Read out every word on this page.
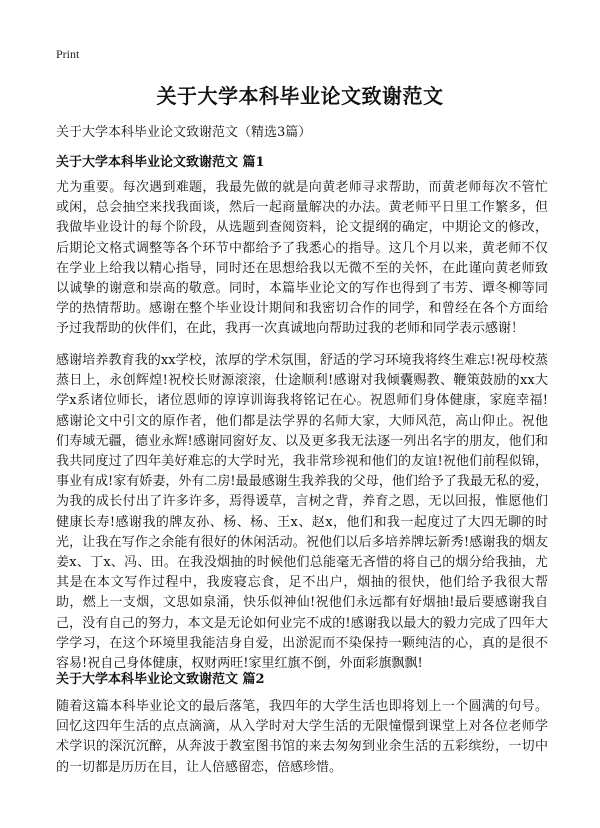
Print
关于大学本科毕业论文致谢范文

关于大学本科毕业论文致谢范文（精选3篇）

关于大学本科毕业论文致谢范文 篇1

尤为重要。每次遇到难题，我最先做的就是向黄老师寻求帮助，而黄老师每次不管忙或闲，总会抽空来找我面谈，然后一起商量解决的办法。黄老师平日里工作繁多，但我做毕业设计的每个阶段，从选题到查阅资料，论文提纲的确定，中期论文的修改，后期论文格式调整等各个环节中都给予了我悉心的指导。这几个月以来，黄老师不仅在学业上给我以精心指导，同时还在思想给我以无微不至的关怀，在此谨向黄老师致以诚挚的谢意和崇高的敬意。同时，本篇毕业论文的写作也得到了韦芳、谭冬柳等同学的热情帮助。感谢在整个毕业设计期间和我密切合作的同学，和曾经在各个方面给予过我帮助的伙伴们，在此，我再一次真诚地向帮助过我的老师和同学表示感谢！

感谢培养教育我的xx学校，浓厚的学术氛围，舒适的学习环境我将终生难忘!祝母校蒸蒸日上，永创辉煌!祝校长财源滚滚，仕途顺利!感谢对我倾囊赐教、鞭策鼓励的xx大学x系诸位师长，诸位恩师的谆谆训诲我将铭记在心。祝恩师们身体健康，家庭幸福!感谢论文中引文的原作者，他们都是法学界的名师大家，大师风范，高山仰止。祝他们寿域无疆，德业永辉!感谢同窗好友、以及更多我无法逐一列出名字的朋友，他们和我共同度过了四年美好难忘的大学时光，我非常珍视和他们的友谊!祝他们前程似锦，事业有成!家有娇妻，外有二房!最最感谢生我养我的父母，他们给予了我最无私的爱，为我的成长付出了许多许多，焉得谖草，言树之背，养育之恩，无以回报，惟愿他们健康长寿!感谢我的牌友孙、杨、杨、王x、赵x，他们和我一起度过了大四无聊的时光，让我在写作之余能有很好的休闲活动。祝他们以后多培养牌坛新秀!感谢我的烟友姜x、丁x、冯、田。在我没烟抽的时候他们总能毫无吝惜的将自己的烟分给我抽，尤其是在本文写作过程中，我废寝忘食，足不出户，烟抽的很快，他们给予我很大帮助，燃上一支烟，文思如泉涌，快乐似神仙!祝他们永远都有好烟抽!最后要感谢我自己，没有自己的努力，本文是无论如何业完不成的!感谢我以最大的毅力完成了四年大学学习，在这个环境里我能洁身自爱，出淤泥而不染保持一颗纯洁的心，真的是很不容易!祝自己身体健康，权财两旺!家里红旗不倒，外面彩旗飘飘!

关于大学本科毕业论文致谢范文 篇2

随着这篇本科毕业论文的最后落笔，我四年的大学生活也即将划上一个圆满的句号。回忆这四年生活的点点滴滴，从入学时对大学生活的无限憧憬到课堂上对各位老师学术学识的深沉沉醉，从奔波于教室图书馆的来去匆匆到业余生活的五彩缤纷，一切中的一切都是历历在目，让人倍感留恋，倍感珍惜。
